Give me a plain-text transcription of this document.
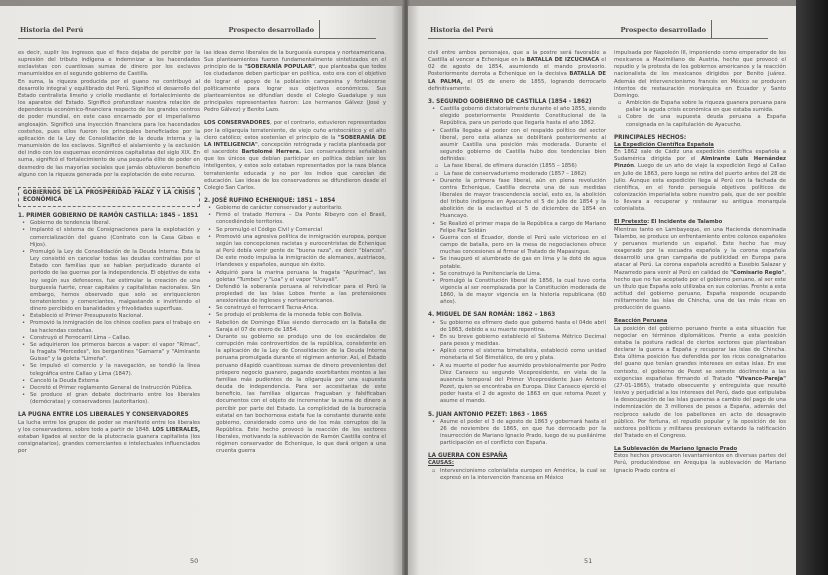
Historia del Perú	Prospecto desarrollado

es decir, suplir los ingresos que el fisco dejaba de percibir por la supresión del tributo indígena e indemnizar a los hacendados esclavistas con cuantiosas sumas de dinero por los esclavos manumisidos en el segundo gobierno de Castilla.

En suma, la riqueza producida por el guano no contribuyó al desarrollo integral y equilibrado del Perú. Significó el desarrollo del Estado centralista limeño y criollo mediante el fortalecimiento de los aparatos del Estado. Significó profundizar nuestra relación de dependencia económico-financiera respecto de los grandes centros de poder mundial, en este caso encarnado por el imperialismo anglosajón. Significó una inyección financiera para los hacendados costeños, pues ellos fueron los principales beneficiados por la aplicación de la Ley de Consolidación de la deuda interna y la manumisión de los esclavos. Significó el aislamiento y la exclusión del indio con los esquemas económicos capitalistas del siglo XIX. En suma, significó el fortalecimiento de una pequeña élite de poder en desmedro de las mayorías sociales que jamás obtuvieron beneficio alguno con la riqueza generada por la explotación de este recurso.

GOBIERNOS DE LA PROSPERIDAD FALAZ Y LA CRISIS ECONÓMICA

1. PRIMER GOBIERNO DE RAMÓN CASTILLA: 1845 – 1851

• Gobierno de tendencia liberal.
• Implantó el sistema de Consignaciones para la explotación y comercialización del guano (Contrato con la Casa Gibas e Hijos).
• Promulgó la Ley de Consolidación de la Deuda Interna: Esta la Ley consistió en cancelar todas las deudas contraídas por el Estado con familias que se habían perjudicado durante el período de las guerras por la independencia. El objetivo de esta ley según sus defensores, fue estimular la creación de una burguesía fuerte, crear capitales y capitalistas nacionales. Sin embargo, hemos observado que solo se enriquecieron terratenientes y comerciantes, malgastando e invirtiendo el dinero percibido en banalidades y frivolidades superfluas.
• Estableció el Primer Presupuesto Nacional.
• Promovió la inmigración de los chinos coolies para el trabajo en las haciendas costeñas.
• Construyó el Ferrocarril Lima – Callao.
• Se adquirieron los primeros barcos a vapor: el vapor "Rímac", la fragata "Mercedes", los bergantines "Gamarra" y "Almirante Guisse" y la goleta "Limeña".
• Se impulsó el comercio y la navegación, se tendió la línea telegráfica entre Callao y Lima (1847).
• Canceló la Deuda Externa
• Decretó el Primer reglamento General de Instrucción Pública.
• Se produce el gran debate doctrinario entre los liberales (demócratas) y conservadores (autoritarios).

LA PUGNA ENTRE LOS LIBERALES Y CONSERVADORES

La lucha entre los grupos de poder se manifestó entre los liberales y los conservadores, sobre todo a partir de 1848. LOS LIBERALES, estaban ligados al sector de la plutocracia guanera capitalista (los consignatarios), grandes comerciantes e intelectuales influenciados por

las ideas demo liberales de la burguesía europea y norteamericana. Sus planteamientos fueron fundamentalmente sintetizados en el principio de la "SOBERANÍA POPULAR", que planteaba que todos los ciudadanos deben participar en política, esto era con el objetivo de lograr el apoyo de la población campesina y fortalecerse políticamente para lograr sus objetivos económicos. Sus planteamientos se difundían desde el Colegio Guadalupe y sus principales representantes fueron: Los hermanos Gálvez (José y Pedro Gálvez) y Benito Lazo.

LOS CONSERVADORES, por el contrario, estuvieron representados por la oligarquía terrateniente, de viejo cuño aristocrático y el alto clero católico; estos sostenían el principio de la "SOBERANÍA DE LA INTELIGENCIA", concepción retrógrada y racista planteada por el sacerdote Bartolomé Herrera. Los conservadores señalaban que los únicos que debían participar en política debían ser los inteligentes, y estos solo estaban representados por la raza blanca terrateniente educada y no por los indios que carecían de educación. Las ideas de los conservadores se difundieron desde el Colegio San Carlos.

2. JOSÉ RUFINO ECHENIQUE: 1851 – 1854

• Gobierno de carácter conservador y autoritario.
• Firmó el tratado Herrera – Da Ponte Ribeyro con el Brasil, concediéndole territorios.
• Se promulgó el Código Civil y Comercial
• Promovió una agresiva política de inmigración europea, porque según las concepciones racistas y eurocentristas de Echenique al Perú debía venir gente de "buena raza", es decir "blancos". De este modo impulsa la inmigración de alemanes, austriacos, irlandeses y españoles, aunque sin éxito.
• Adquirió para la marina peruana la fragata "Apurímac", las goletas "Tumbes" y "Loa" y el vapor "Ucayali".
• Defendió la soberanía peruana al reivindicar para el Perú la propiedad de las Islas Lobos frente a las pretensiones anexionistas de ingleses y norteamericanos.
• Se construyó el ferrocarril Tacna-Arica.
• Se produjo el problema de la moneda feble con Bolivia.
• Rebelión de Domingo Elías siendo derrocado en la Batalla de Saraja el 07 de enero de 1854.
• Durante su gobierno se produjo uno de los escándalos de corrupción más controvertidos de la república, consistente en la aplicación de la Ley de Consolidación de la Deuda Interna peruana promulgada durante el régimen anterior. Así, el Estado peruano dilapidó cuantiosas sumas de dinero provenientes del próspero negocio guanero, pagando exorbitantes montos a las familias más pudientes de la oligarquía por una supuesta deuda de independencia. Para ser accesitarias de este beneficio, las familias oligarcas fraguaban y falsificaban documentos con el objeto de incrementar la suma de dinero a percibir por parte del Estado. La complicidad de la burocracia estatal en tan bochornosa estafa fue la constante durante este gobierno, considerado como uno de los más corruptos de la República. Este hecho provocó la reacción de los sectores liberales, motivando la sublevación de Ramón Castilla contra el régimen conservador de Echenique, lo que dará origen a una cruenta guerra
50
Historia del Perú	Prospecto desarrollado

civil entre ambos personajes, que a la postre será favorable a Castilla al vencer a Echenique en la BATALLA DE IZCUCHACA el 02 de agosto de 1854, asumiendo el mando provisorio. Posteriormente derrota a Echenique en la decisiva BATALLA DE LA PALMA, el 05 de enero de 1855, logrando derrocarlo definitivamente.

3. SEGUNDO GOBIERNO DE CASTILLA (1854 - 1862)

• Castilla gobernó dictatorialmente durante el año 1855, siendo elegido posteriormente Presidente Constitucional de la República, para un periodo que llegaría hasta el año 1862.
• Castilla llegaba al poder con el respaldo político del sector liberal, pero esta alianza se debilitará posteriormente al asumir Castilla una posición más moderada. Durante el segundo gobierno de Castilla hubo dos tendencias bien definidas:
▫ La fase liberal, de efímera duración (1855 – 1856)
▫ La fase de conservadurismo moderado (1857 – 1862)
• Durante la primera fase liberal, aún en plena revolución contra Echenique, Castilla decreta una de sus medidas liberales de mayor trascendencia social, esto es, la abolición del tributo indígena en Ayacucho el 5 de julio de 1854 y la abolición de la esclavitud el 5 de diciembre de 1854 en Huancayo.
• Se Realizó el primer mapa de la República a cargo de Mariano Felipe Paz Soldán
• Guerra con el Ecuador, donde el Perú sale victorioso en el campo de batalla, pero en la mesa de negociaciones ofrece muchas concesiones al firmar el Tratado de Mapasingue.
• Se inauguró el alumbrado de gas en lima y la dotó de agua potable.
• Se construyó la Penitenciaría de Lima.
• Promulgó la Constitución liberal de 1856, la cual tuvo corta vigencia al ser reemplazada por la Constitución moderada de 1860, la de mayor vigencia en la historia republicana (60 años).

4. MIGUEL DE SAN ROMÁN: 1862 – 1863

• Su gobierno es efímero dado que gobernó hasta el 04de abril de 1863, debido a su muerte repentina.
• En su breve gobierno estableció el Sistema Métrico Decimal para pesos y medidas.
• Aplicó como el sistema bimetalista, estableció como unidad monetaria el Sol Bimetálico, de oro y plata.
• A su muerte el poder fue asumido provisionalmente por Pedro Díez Canseco su segundo Vicepresidente, en vista de la ausencia temporal del Primer Vicepresidente Juan Antonio Pezet, quien se encontraba en Europa. Díez Canseco ejerció el poder hasta el 2 de agosto de 1863 en que retoma Pezet y asume el mando.

5. JUAN ANTONIO PEZET: 1863 - 1865

• Asume el poder el 3 de agosto de 1863 y gobernará hasta el 26 de noviembre de 1865, en que fue derrocado por la insurrección de Mariano Ignacio Prado, luego de su pusilánime participación en el conflicto con España.

LA GUERRA CON ESPAÑA

CAUSAS:

▫ Intervencionismo colonialista europeo en América, la cual se expresó en la intervención francesa en México

impulsada por Napoleón III, imponiendo como emperador de los mexicanos a Maximiliano de Austria, hecho que provocó el repudio y la protesta de los gobiernos americanos y la reacción nacionalista de los mexicanos dirigidos por Benito Juárez. Además del intervencionismo francés en México se producen intentos de restauración monárquica en Ecuador y Santo Domingo.

▫ Ambición de España sobre la riqueza guanera peruana para paliar la aguda crisis económica en que estaba sumida.
▫ Cobro de una supuesta deuda peruana a España consignada en la capitulación de Ayacucho.

PRINCIPALES HECHOS:

La Expedición Científica Española

En 1862 sale de Cádiz una expedición científica española a Sudamérica dirigida por el Almirante Luis Hernández Pinzón. Luego de un año de viaje la expedición llegó al Callao en Julio de 1863, pero luego se retira del puerto antes del 28 de Julio. Aunque esta expedición llega al Perú con la fachada de científica, en el fondo perseguía objetivos políticos de colonización imperialista sobre nuestro país, que de ser posible lo llevara a recuperar y restaurar su antigua monarquía colonialista.

El Pretexto: El Incidente de Talambo

Mientras tanto en Lambayeque, en una Hacienda denominada Talambo, se produce un enfrentamiento entre colonos españoles y peruanos muriendo un español. Este hecho fue muy exagerado por la escuadra española y la corona española desarrolló una gran campaña de publicidad en Europa para atacar al Perú. La corona española acreditó a Eusebio Salazar y Mazarredo para venir al Perú en calidad de "Comisario Regio", hecho que no fue aceptado por el gobierno peruano, al ser este un título que España solo utilizaba en sus colonias. Frente a esta actitud del gobierno peruano, España responde ocupando militarmente las islas de Chincha, una de las más ricas en producción de guano.

Reacción Peruana

La posición del gobierno peruano frente a esta situación fue negociar en términos diplomáticos. Frente a esta posición estaba la postura radical de ciertos sectores que planteaban declarar la guerra a España y recuperar las islas de Chincha. Esta última posición fue defendida por los ricos consignatarios del guano que tenían grandes intereses en estas islas. En ese contexto, el gobierno de Pezet se somete dócilmente a las exigencias españolas firmando el Tratado "Vivanco-Pareja" (27-01-1865), tratado obsecuente y entreguista que resultó lesivo y perjudicial a los intereses del Perú, dado que estipulaba la desocupación de las Islas guaneras a cambio del pago de una indemnización de 3 millones de pesos a España, además del recíproco saludo de los pabellones en acto de desagravio público. Por fortuna, el repudio popular y la oposición de los sectores políticos y militares presionan evitando la ratificación del Tratado en el Congreso.

La Sublevación de Mariano Ignacio Prado

Estos hechos provocaron levantamientos en diversas partes del Perú, produciéndose en Arequipa la sublevación de Mariano Ignacio Prado contra el

51
